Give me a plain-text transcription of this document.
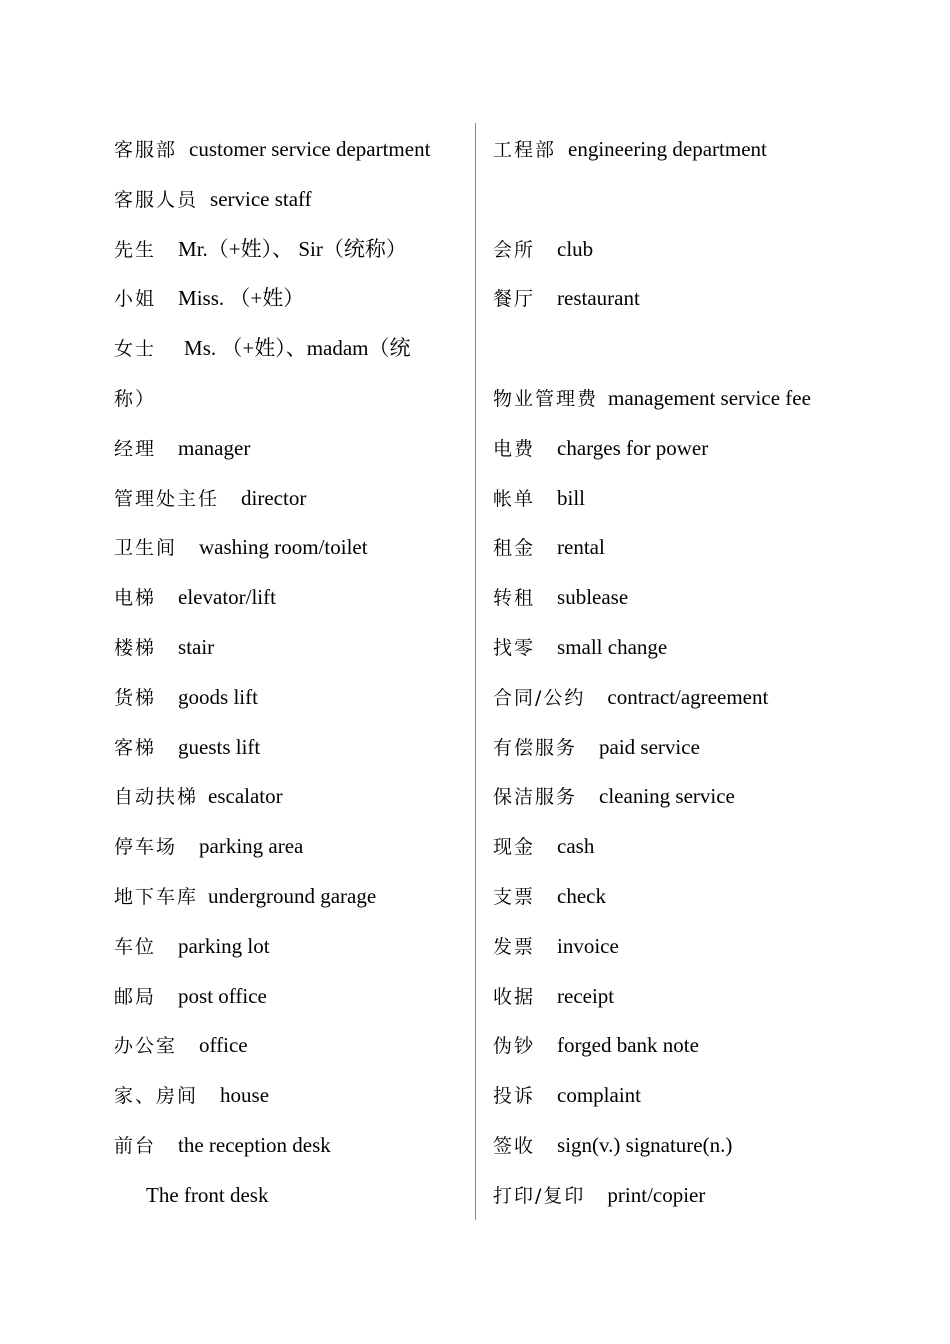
客服部 customer service department
客服人员 service staff
先生 Mr.（+姓）、 Sir（统称）
小姐 Miss. （+姓）
女士 Ms. （+姓）、madam（统
称）
经理 manager
管理处主任 director
卫生间 washing room/toilet
电梯 elevator/lift
楼梯 stair
货梯 goods lift
客梯 guests lift
自动扶梯 escalator
停车场 parking area
地下车库 underground garage
车位 parking lot
邮局 post office
办公室 office
家、房间 house
前台 the reception desk
The front desk
工程部 engineering department
会所 club
餐厅 restaurant
物业管理费 management service fee
电费 charges for power
帐单 bill
租金 rental
转租 sublease
找零 small change
合同/公约 contract/agreement
有偿服务 paid service
保洁服务 cleaning service
现金 cash
支票 check
发票 invoice
收据 receipt
伪钞 forged bank note
投诉 complaint
签收 sign(v.) signature(n.)
打印/复印 print/copier
